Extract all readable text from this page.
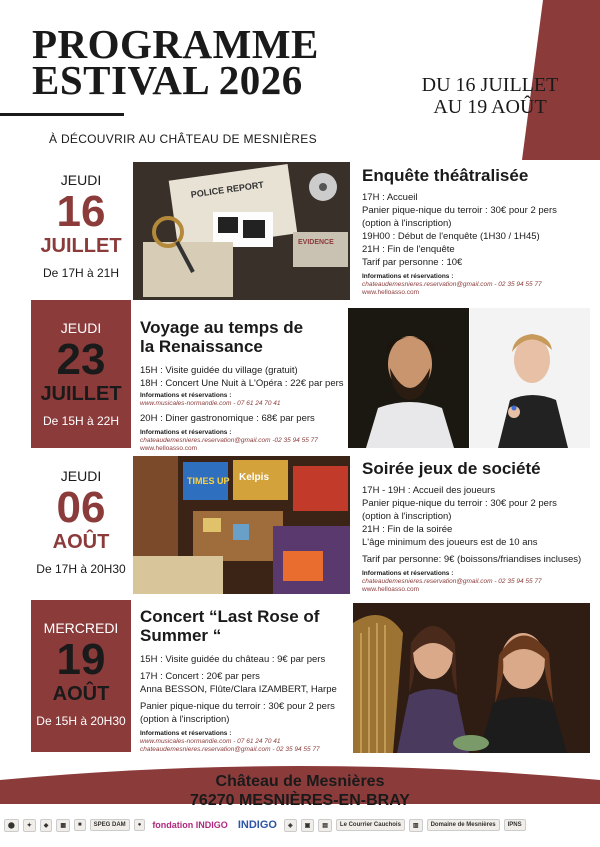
PROGRAMME
ESTIVAL 2026	DU 16 JUILLET
AU 19 AOÛT
À DÉCOUVRIR AU CHÂTEAU DE MESNIÈRES
JEUDI
16
JUILLET
De 17H à 21H
POLICE REPORT
EVIDENCE
Enquête théâtralisée

17H : Accueil

Panier pique-nique du terroir : 30€ pour 2 pers

(option à l'inscription)

19H00 : Début de l'enquête (1H30 / 1H45)

21H : Fin de l'enquête

Tarif par personne : 10€

Informations et réservations :
chateaudemesnieres.reservation@gmail.com - 02 35 94 55 77
www.helloasso.com
JEUDI
23
JUILLET
De 15H à 22H
Voyage au temps de
la Renaissance

15H : Visite guidée du village (gratuit)

18H : Concert Une Nuit à L'Opéra : 22€ par pers

Informations et réservations :
www.musicales-normandie.com - 07 61 24 70 41

20H : Diner gastronomique : 68€ par pers

Informations et réservations :
chateaudemesnieres.reservation@gmail.com -02 35 94 55 77
www.helloasso.com
JEUDI
06
AOÛT
De 17H à 20H30
TIMES UP Kelpis	Soirée jeux de société

17H - 19H : Accueil des joueurs

Panier pique-nique du terroir : 30€ pour 2 pers

(option à l'inscription)

21H : Fin de la soirée

L'âge minimum des joueurs est de 10 ans

Tarif par personne: 9€ (boissons/friandises incluses)

Informations et réservations :
chateaudemesnieres.reservation@gmail.com - 02 35 94 55 77
www.helloasso.com
MERCREDI
19
AOÛT
De 15H à 20H30
Concert “Last Rose of
Summer “

15H : Visite guidée du château : 9€ par pers

17H : Concert : 20€ par pers

Anna BESSON, Flûte/Clara IZAMBERT, Harpe

Panier pique-nique du terroir : 30€ pour 2 pers

(option à l'inscription)

Informations et réservations :
www.musicales-normandie.com - 07 61 24 70 41
chateaudemesnieres.reservation@gmail.com - 02 35 94 55 77
Château de Mesnières
76270 MESNIÈRES-EN-BRAY
⬤	✦	◆	▦	■	SPEG DAM	●	fondation INDIGO INDIGO	◈	▣	▤	Le Courrier Cauchois	▥	Domaine de Mesnières	IPNS
